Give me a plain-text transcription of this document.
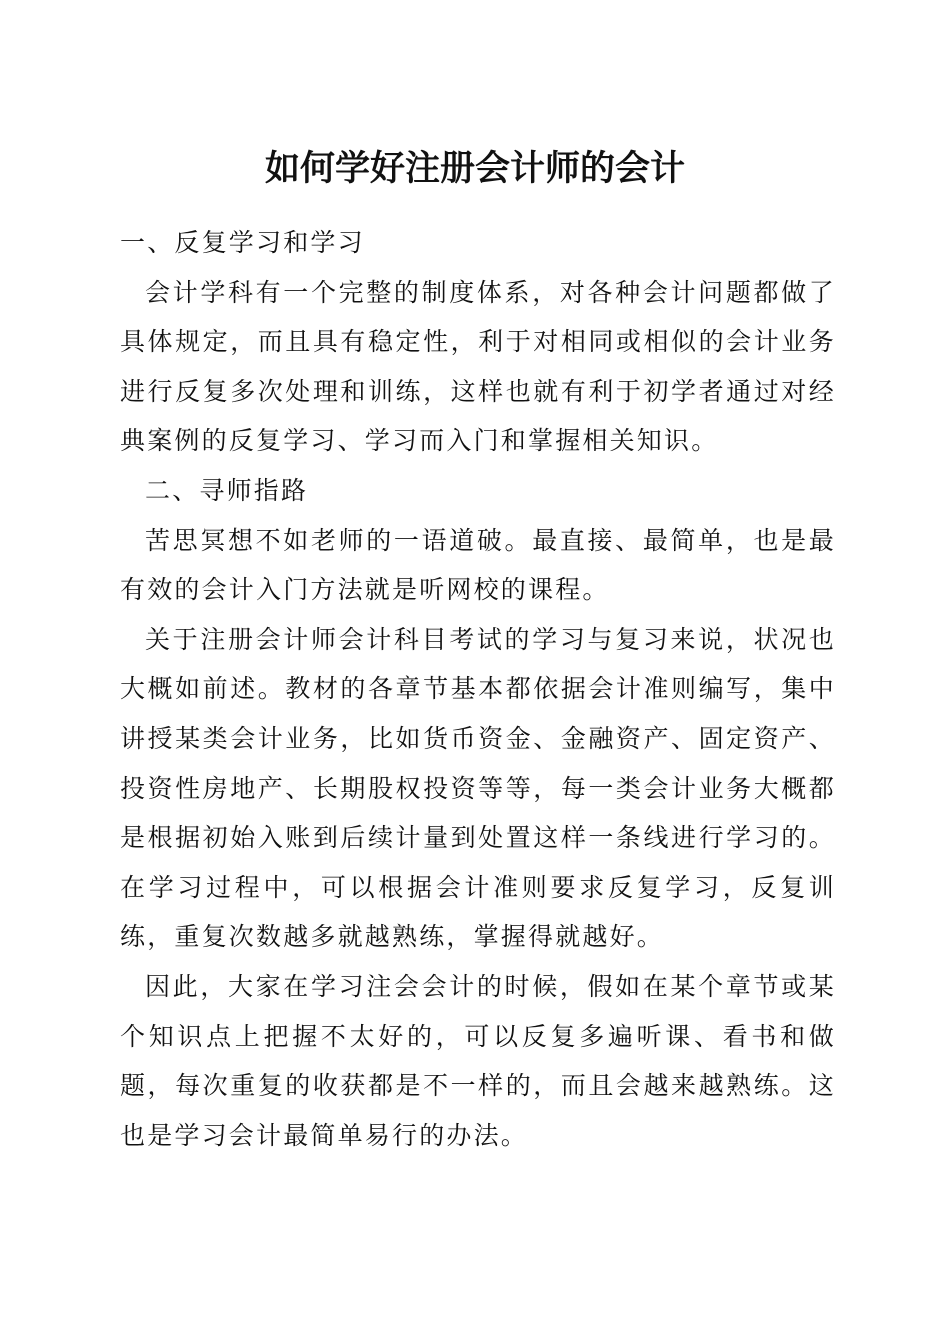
如何学好注册会计师的会计

一、反复学习和学习

会计学科有一个完整的制度体系，对各种会计问题都做了具体规定，而且具有稳定性，利于对相同或相似的会计业务进行反复多次处理和训练，这样也就有利于初学者通过对经典案例的反复学习、学习而入门和掌握相关知识。

二、寻师指路

苦思冥想不如老师的一语道破。最直接、最简单，也是最有效的会计入门方法就是听网校的课程。

关于注册会计师会计科目考试的学习与复习来说，状况也大概如前述。教材的各章节基本都依据会计准则编写，集中讲授某类会计业务，比如货币资金、金融资产、固定资产、投资性房地产、长期股权投资等等，每一类会计业务大概都是根据初始入账到后续计量到处置这样一条线进行学习的。在学习过程中，可以根据会计准则要求反复学习，反复训练，重复次数越多就越熟练，掌握得就越好。

因此，大家在学习注会会计的时候，假如在某个章节或某个知识点上把握不太好的，可以反复多遍听课、看书和做题，每次重复的收获都是不一样的，而且会越来越熟练。这也是学习会计最简单易行的办法。
